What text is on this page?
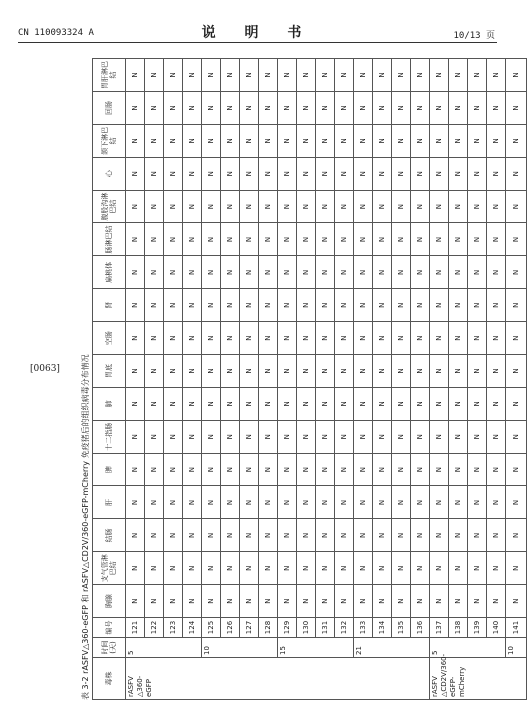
CN 110093324 A	说 明 书	10/13 页
[0063]	表 3-2 rASFV△360-eGFP 和 rASFV△CD2V/360-eGFP-mCherry 免疫猪后的组织病毒分布情况 毒株	时间(天)	编号	胸腺	支气管淋巴结	结肠	肝	脾	十二指肠	肺	胃底	空肠	肾	扁桃体	肠淋巴结	腹股沟淋巴结	心	颌下淋巴结	回肠	胃肝淋巴结
rASFV △360-eGFP	5	121	N	N	N	N	N	N	N	N	N	N	N	N	N	N	N	N	N
		122	N	N	N	N	N	N	N	N	N	N	N	N	N	N	N	N	N
		123	N	N	N	N	N	N	N	N	N	N	N	N	N	N	N	N	N
		124	N	N	N	N	N	N	N	N	N	N	N	N	N	N	N	N	N
	10	125	N	N	N	N	N	N	N	N	N	N	N	N	N	N	N	N	N
		126	N	N	N	N	N	N	N	N	N	N	N	N	N	N	N	N	N
		127	N	N	N	N	N	N	N	N	N	N	N	N	N	N	N	N	N
		128	N	N	N	N	N	N	N	N	N	N	N	N	N	N	N	N	N
	15	129	N	N	N	N	N	N	N	N	N	N	N	N	N	N	N	N	N
		130	N	N	N	N	N	N	N	N	N	N	N	N	N	N	N	N	N
		131	N	N	N	N	N	N	N	N	N	N	N	N	N	N	N	N	N
		132	N	N	N	N	N	N	N	N	N	N	N	N	N	N	N	N	N
	21	133	N	N	N	N	N	N	N	N	N	N	N	N	N	N	N	N	N
		134	N	N	N	N	N	N	N	N	N	N	N	N	N	N	N	N	N
		135	N	N	N	N	N	N	N	N	N	N	N	N	N	N	N	N	N
		136	N	N	N	N	N	N	N	N	N	N	N	N	N	N	N	N	N
rASFV △CD2V/360-eGFP-mCherry	5	137	N	N	N	N	N	N	N	N	N	N	N	N	N	N	N	N	N
		138	N	N	N	N	N	N	N	N	N	N	N	N	N	N	N	N	N
		139	N	N	N	N	N	N	N	N	N	N	N	N	N	N	N	N	N
		140	N	N	N	N	N	N	N	N	N	N	N	N	N	N	N	N	N
	10	141	N	N	N	N	N	N	N	N	N	N	N	N	N	N	N	N	N
